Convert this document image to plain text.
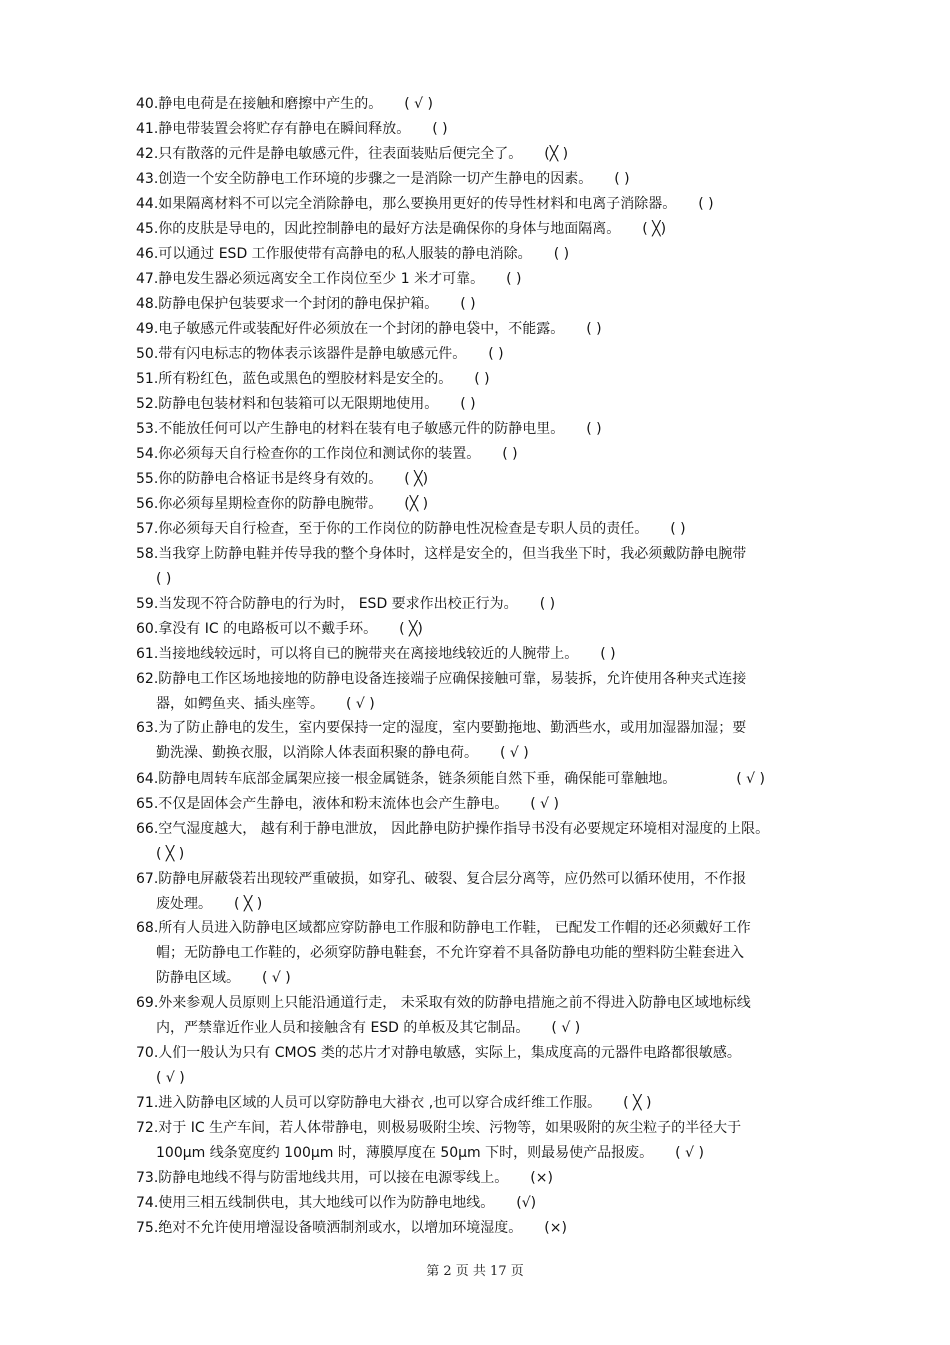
40.静电电荷是在接触和磨擦中产生的。 ( √ )
41.静电带装置会将贮存有静电在瞬间释放。 ( )
42.只有散落的元件是静电敏感元件，往表面装贴后便完全了。 (╳ )
43.创造一个安全防静电工作环境的步骤之一是消除一切产生静电的因素。 ( )
44.如果隔离材料不可以完全消除静电，那么要换用更好的传导性材料和电离子消除器。 ( )
45.你的皮肤是导电的，因此控制静电的最好方法是确保你的身体与地面隔离。 ( ╳)
46.可以通过 ESD 工作服使带有高静电的私人服装的静电消除。 ( )
47.静电发生器必须远离安全工作岗位至少 1 米才可靠。 ( )
48.防静电保护包装要求一个封闭的静电保护箱。 ( )
49.电子敏感元件或装配好件必须放在一个封闭的静电袋中，不能露。 ( )
50.带有闪电标志的物体表示该器件是静电敏感元件。 ( )
51.所有粉红色，蓝色或黑色的塑胶材料是安全的。 ( )
52.防静电包装材料和包装箱可以无限期地使用。 ( )
53.不能放任何可以产生静电的材料在装有电子敏感元件的防静电里。 ( )
54.你必须每天自行检查你的工作岗位和测试你的装置。 ( )
55.你的防静电合格证书是终身有效的。 ( ╳)
56.你必须每星期检查你的防静电腕带。 (╳ )
57.你必须每天自行检查，至于你的工作岗位的防静电性况检查是专职人员的责任。 ( )
58.当我穿上防静电鞋并传导我的整个身体时，这样是安全的，但当我坐下时，我必须戴防静电腕带
( )
59.当发现不符合防静电的行为时， ESD 要求作出校正行为。 ( )
60.拿没有 IC 的电路板可以不戴手环。 ( ╳)
61.当接地线较远时，可以将自已的腕带夹在离接地线较近的人腕带上。 ( )
62.防静电工作区场地接地的防静电设备连接端子应确保接触可靠，易装拆，允许使用各种夹式连接
器，如鳄鱼夹、插头座等。 ( √ )
63.为了防止静电的发生，室内要保持一定的湿度，室内要勤拖地、勤洒些水，或用加湿器加湿；要
勤洗澡、勤换衣服，以消除人体表面积聚的静电荷。 ( √ )
64.防静电周转车底部金属架应接一根金属链条，链条须能自然下垂，确保能可靠触地。	( √ )
65.不仅是固体会产生静电，液体和粉末流体也会产生静电。 ( √ )
66.空气湿度越大， 越有利于静电泄放， 因此静电防护操作指导书没有必要规定环境相对湿度的上限。
( ╳ )
67.防静电屏蔽袋若出现较严重破损，如穿孔、破裂、复合层分离等，应仍然可以循环使用，不作报
废处理。 ( ╳ )
68.所有人员进入防静电区域都应穿防静电工作服和防静电工作鞋， 已配发工作帽的还必须戴好工作
帽；无防静电工作鞋的，必须穿防静电鞋套，不允许穿着不具备防静电功能的塑料防尘鞋套进入
防静电区域。 ( √ )
69.外来参观人员原则上只能沿通道行走， 未采取有效的防静电措施之前不得进入防静电区域地标线
内，严禁靠近作业人员和接触含有 ESD 的单板及其它制品。 ( √ )
70.人们一般认为只有 CMOS 类的芯片才对静电敏感，实际上，集成度高的元器件电路都很敏感。
( √ )
71.进入防静电区域的人员可以穿防静电大褂衣 ,也可以穿合成纤维工作服。 ( ╳ )
72.对于 IC 生产车间，若人体带静电，则极易吸附尘埃、污物等，如果吸附的灰尘粒子的半径大于
100μm 线条宽度约 100μm 时，薄膜厚度在 50μm 下时，则最易使产品报废。 ( √ )
73.防静电地线不得与防雷地线共用，可以接在电源零线上。 (×)
74.使用三相五线制供电，其大地线可以作为防静电地线。 (√)
75.绝对不允许使用增湿设备喷洒制剂或水，以增加环境湿度。 (×)
第 2 页 共 17 页
